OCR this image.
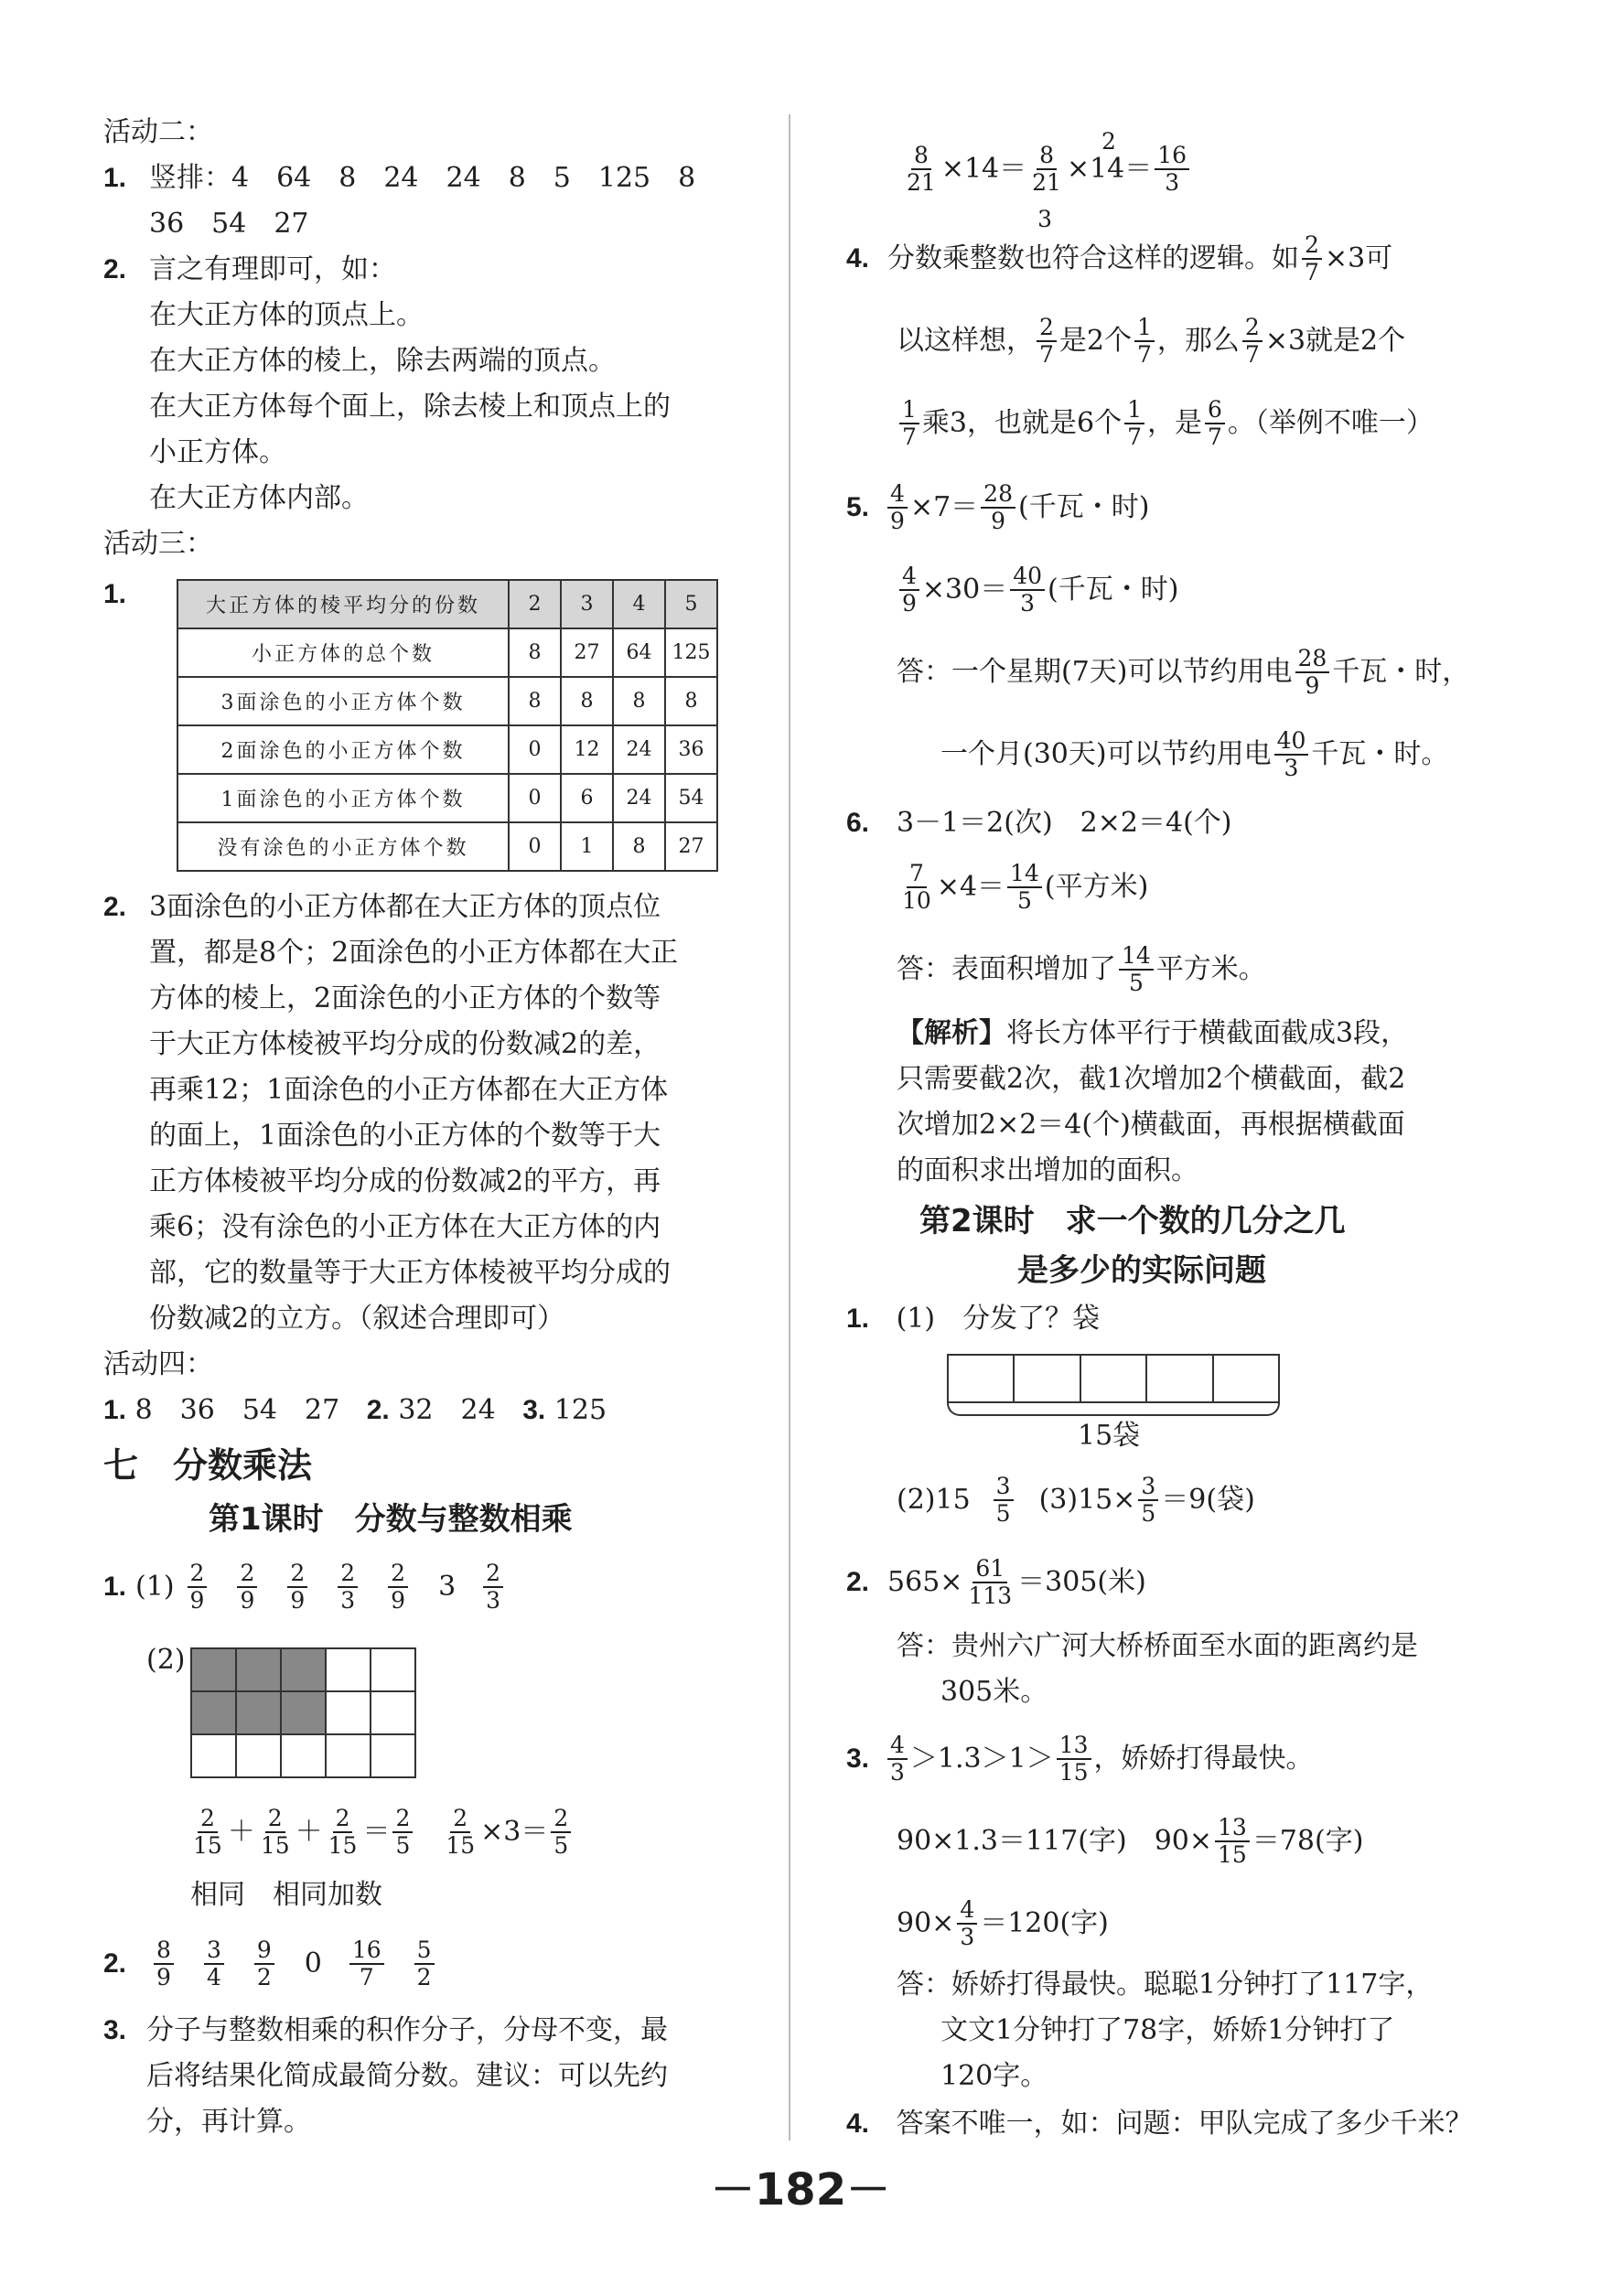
活动二：
1. 竖排：4　64　8　24　24　8　5　125　8
36　54　27
2. 言之有理即可，如：
在大正方体的顶点上。
在大正方体的棱上，除去两端的顶点。
在大正方体每个面上，除去棱上和顶点上的
小正方体。
在大正方体内部。
活动三：
1.	大正方体的棱平均分的份数	2	3	4	5
小正方体的总个数	8	27	64	125
3面涂色的小正方体个数	8	8	8	8
2面涂色的小正方体个数	0	12	24	36
1面涂色的小正方体个数	0	6	24	54
没有涂色的小正方体个数	0	1	8	27
2. 3面涂色的小正方体都在大正方体的顶点位
置，都是8个；2面涂色的小正方体都在大正
方体的棱上，2面涂色的小正方体的个数等
于大正方体棱被平均分成的份数减2的差，
再乘12；1面涂色的小正方体都在大正方体
的面上，1面涂色的小正方体的个数等于大
正方体棱被平均分成的份数减2的平方，再
乘6；没有涂色的小正方体在大正方体的内
部，它的数量等于大正方体棱被平均分成的
份数减2的立方。（叙述合理即可）
活动四：
1. 8　36　54　27 2. 32　24 3. 125
七　分数乘法
第1课时　分数与整数相乘
1. (1) 2
9
2
9
2
9
2
3
2
9 3 2
3
(2)

2
15 ＋ 2
15 ＋ 2
15 ＝ 2
$5 \frac{2}{15} \times 3= 2$
5
相同　相同加数
2. 8
9
3
4
9
2 0 16
7
5
2
3. 分子与整数相乘的积作分子，分母不变，最
后将结果化简成最简分数。建议：可以先约
分，再计算。
$\frac{8}{21} \times 14= \frac{8}{21}$
3
×14
2
＝ 16
3
4. 分数乘整数也符合这样的逻辑。如 $\frac{2}{7} \times 3$可
以这样想， 2
7 是2个 1
7 ，那么 $\frac{2}{7} \times 3$就是2个
1
7 乘3，也就是6个 1
7 ，是 6
7 。（举例不唯一）
5. $\frac{4}{9} \times 7= 28$
9 (千瓦・时)
$\frac{4}{9} \times 30= 40$
3 (千瓦・时)
答：一个星期(7天)可以节约用电 28
9 千瓦・时，
一个月(30天)可以节约用电 40
3 千瓦・时。
6. 3－1＝2(次)　2×2＝4(个)
$\frac{7}{10} \times 4= 14$
5 (平方米)
答：表面积增加了 14
5 平方米。
【解析】将长方体平行于横截面截成3段，
只需要截2次，截1次增加2个横截面，截2
次增加2×2＝4(个)横截面，再根据横截面
的面积求出增加的面积。
第2课时　求一个数的几分之几
是多少的实际问题
1. (1)　分发了？袋
15袋
(2)15 3
5 $(3)15\times \frac{3}{5} =9$(袋)
2. $565\times \frac{61}{113} =305$(米)
答：贵州六广河大桥桥面至水面的距离约是
305米。
3. 4
3 ＞1.3＞1＞ 13
15 ，娇娇打得最快。
90×1.3＝117(字)　$90\times \frac{13}{15} =78$(字)
$90\times \frac{4}{3} =120$(字)
答：娇娇打得最快。聪聪1分钟打了117字，
文文1分钟打了78字，娇娇1分钟打了
120字。
4. 答案不唯一，如：问题：甲队完成了多少千米？
－182－
